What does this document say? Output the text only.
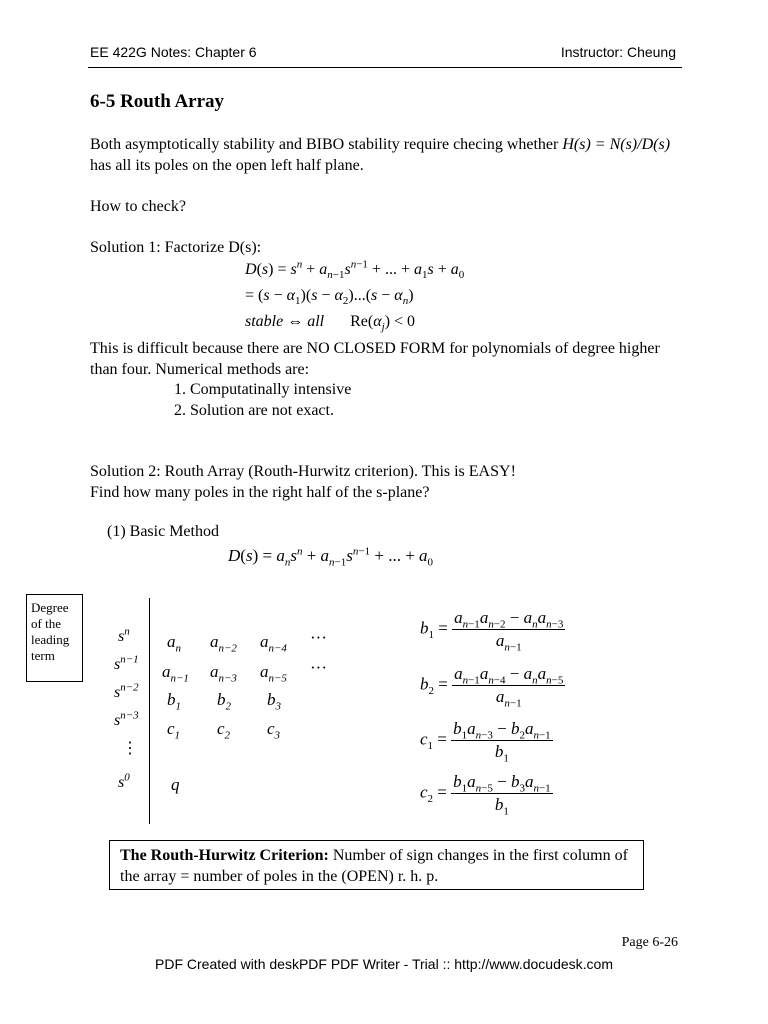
EE 422G Notes: Chapter 6	Instructor: Cheung
6-5 Routh Array
Both asymptotically stability and BIBO stability require checing whether H(s) = N(s)/D(s) has all its poles on the open left half plane.
How to check?
Solution 1: Factorize D(s):
$D(s) = s^n + a_{n-1}s^{n-1}$ + ... + $a_1s + a_0$
= $(s - \alpha_1)(s - \alpha_2)...(s - \alpha_n)$
stable ⇔ all $Re(\alpha_j) < 0$
This is difficult because there are NO CLOSED FORM for polynomials of degree higher than four. Numerical methods are:
1. Computatinally intensive
2. Solution are not exact.
Solution 2: Routh Array (Routh-Hurwitz criterion). This is EASY!
Find how many poles in the right half of the s-plane?
(1) Basic Method
$D(s) = a_ns^n + a_{n-1}s^{n-1}$ + ... + $a_0$
Degree
of the
leading
term
$s^n$
$s^{n-1}$
$s^{n-2}$
$s^{n-3}$
⋮
$s^0$
$a_n$ $a_{n-2}$ $a_{n-4}$
···
$a_{n-1}$ $a_{n-3}$ $a_{n-5}$
···
$b_1$ $b_2$ $b_3$
$c_1$ $c_2$ $c_3$
q
$b_1 = \frac{a_{n-1}a_{n-2} - a_na_{n-3}}{a_{n-1}}$
$b_2 = \frac{a_{n-1}a_{n-4} - a_na_{n-5}}{a_{n-1}}$
$c_1 = \frac{b_1a_{n-3} - b_2a_{n-1}}{b_1}$
$c_2 = \frac{b_1a_{n-5} - b_3a_{n-1}}{b_1}$
The Routh-Hurwitz Criterion: Number of sign changes in the first column of the array = number of poles in the (OPEN) r. h. p.
Page 6-26
PDF Created with deskPDF PDF Writer - Trial :: http://www.docudesk.com
